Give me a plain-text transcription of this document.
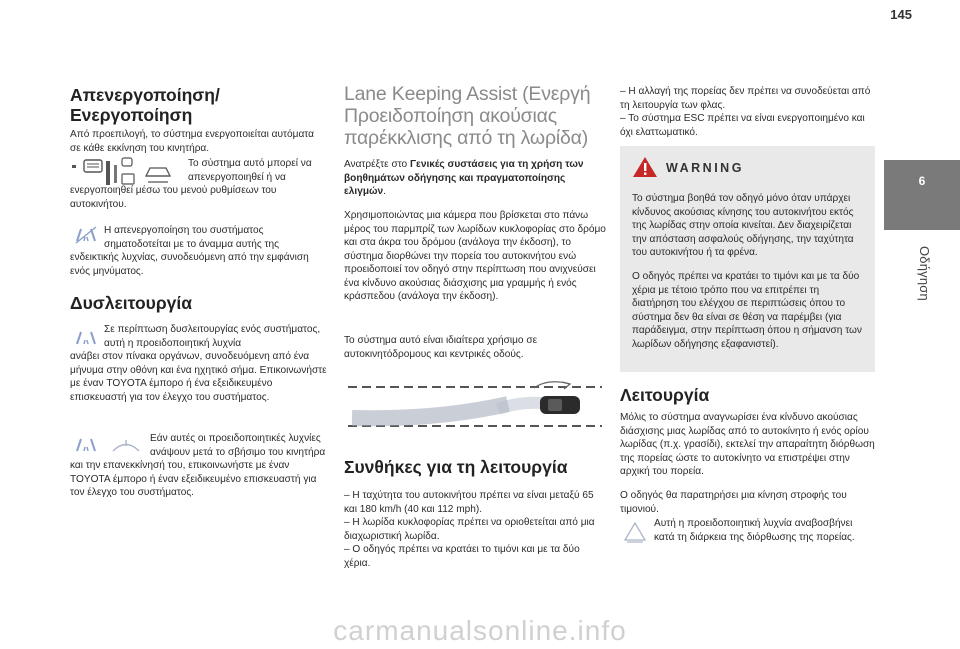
145
6
Οδήγηση
Απενεργοποίηση/
Ενεργοποίηση

Από προεπιλογή, το σύστημα ενεργοποιείται αυτόματα σε κάθε εκκίνηση του κινητήρα.

Το σύστημα αυτό μπορεί να απενεργοποιηθεί ή να

ενεργοποιηθεί μέσω του μενού ρυθμίσεων του αυτοκινήτου.

Η απενεργοποίηση του συστήματος σηματοδοτείται με το άναμμα αυτής της

ενδεικτικής λυχνίας, συνοδευόμενη από την εμφάνιση ενός μηνύματος.

Δυσλειτουργία

Σε περίπτωση δυσλειτουργίας ενός συστήματος, αυτή η προειδοποιητική λυχνία

ανάβει στον πίνακα οργάνων, συνοδευόμενη από ένα μήνυμα στην οθόνη και ένα ηχητικό σήμα. Επικοινωνήστε με έναν TOYOTA έμπορο ή ένα εξειδικευμένο επισκευαστή για τον έλεγχο του συστήματος.

Εάν αυτές οι προειδοποιητικές λυχνίες ανάψουν μετά το σβήσιμο του κινητήρα

και την επανεκκίνησή του, επικοινωνήστε με έναν TOYOTA έμπορο ή έναν εξειδικευμένο επισκευαστή για τον έλεγχο του συστήματος.

Lane Keeping Assist (Ενεργή Προειδοποίηση ακούσιας παρέκκλισης από τη λωρίδα)

Ανατρέξτε στο Γενικές συστάσεις για τη χρήση των βοηθημάτων οδήγησης και πραγματοποίησης ελιγμών.

Χρησιμοποιώντας μια κάμερα που βρίσκεται στο πάνω μέρος του παρμπρίζ των λωρίδων κυκλοφορίας στο δρόμο και στα άκρα του δρόμου (ανάλογα την έκδοση), το σύστημα διορθώνει την πορεία του αυτοκινήτου ενώ προειδοποιεί τον οδηγό στην περίπτωση που ανιχνεύσει ένα κίνδυνο ακούσιας διάσχισης μια γραμμής ή ενός κράσπεδου (ανάλογα την έκδοση).

Το σύστημα αυτό είναι ιδιαίτερα χρήσιμο σε αυτοκινητόδρομους και κεντρικές οδούς.

Συνθήκες για τη λειτουργία

– Η ταχύτητα του αυτοκινήτου πρέπει να είναι μεταξύ 65 και 180 km/h (40 και 112 mph).

– Η λωρίδα κυκλοφορίας πρέπει να οριοθετείται από μια διαχωριστική λωρίδα.

– Ο οδηγός πρέπει να κρατάει το τιμόνι και με τα δύο χέρια.

– Η αλλαγή της πορείας δεν πρέπει να συνοδεύεται από τη λειτουργία των φλας.

– Το σύστημα ESC πρέπει να είναι ενεργοποιημένο και όχι ελαττωματικό.

WARNING

Το σύστημα βοηθά τον οδηγό μόνο όταν υπάρχει κίνδυνος ακούσιας κίνησης του αυτοκινήτου εκτός της λωρίδας στην οποία κινείται. Δεν διαχειρίζεται την απόσταση ασφαλούς οδήγησης, την ταχύτητα του αυτοκινήτου ή τα φρένα.

Ο οδηγός πρέπει να κρατάει το τιμόνι και με τα δύο χέρια με τέτοιο τρόπο που να επιτρέπει τη διατήρηση του ελέγχου σε περιπτώσεις όπου το σύστημα δεν θα είναι σε θέση να παρέμβει (για παράδειγμα, στην περίπτωση όπου η σήμανση των λωρίδων οδήγησης εξαφανιστεί).

Λειτουργία

Μόλις το σύστημα αναγνωρίσει ένα κίνδυνο ακούσιας διάσχισης μιας λωρίδας από το αυτοκίνητο ή ενός ορίου λωρίδας (π.χ. γρασίδι), εκτελεί την απαραίτητη διόρθωση της πορείας ώστε το αυτοκίνητο να επιστρέψει στην αρχική του πορεία.

Ο οδηγός θα παρατηρήσει μια κίνηση στροφής του τιμονιού.

Αυτή η προειδοποιητική λυχνία αναβοσβήνει κατά τη διάρκεια της διόρθωσης της πορείας.

carmanualsonline.info
